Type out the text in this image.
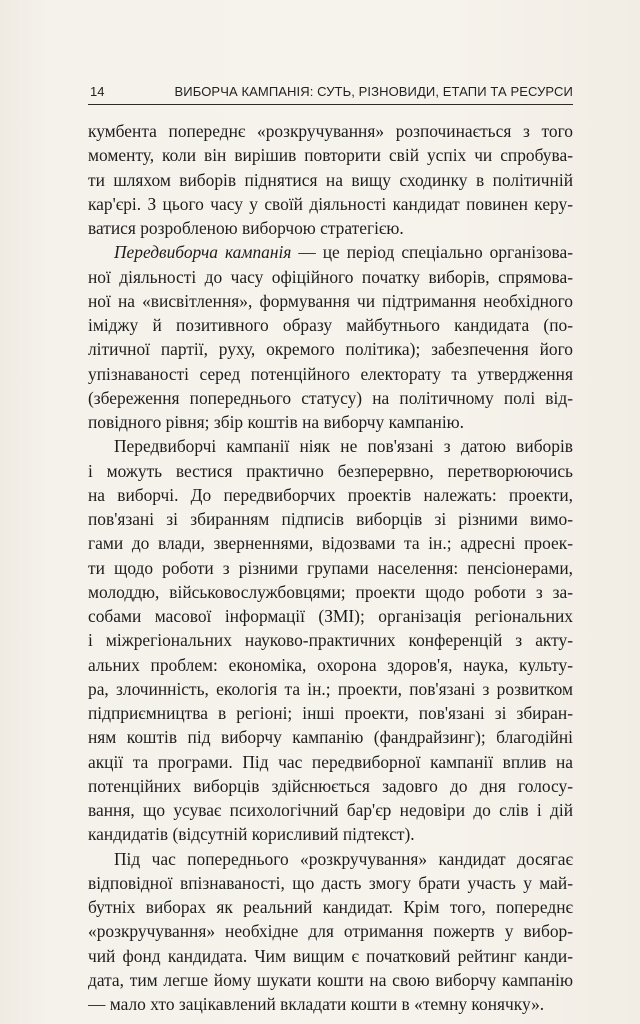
14	ВИБОРЧА КАМПАНІЯ: СУТЬ, РІЗНОВИДИ, ЕТАПИ ТА РЕСУРСИ
кумбента попереднє «розкручування» розпочинається з того
моменту, коли він вирішив повторити свій успіх чи спробува-
ти шляхом виборів піднятися на вищу сходинку в політичній
кар'єрі. З цього часу у своїй діяльності кандидат повинен керу-
ватися розробленою виборчою стратегією.
Передвиборча кампанія — це період спеціально організова-
ної діяльності до часу офіційного початку виборів, спрямова-
ної на «висвітлення», формування чи підтримання необхідного
іміджу й позитивного образу майбутнього кандидата (по-
літичної партії, руху, окремого політика); забезпечення його
упізнаваності серед потенційного електорату та утвердження
(збереження попереднього статусу) на політичному полі від-
повідного рівня; збір коштів на виборчу кампанію.
Передвиборчі кампанії ніяк не пов'язані з датою виборів
і можуть вестися практично безперервно, перетворюючись
на виборчі. До передвиборчих проектів належать: проекти,
пов'язані зі збиранням підписів виборців зі різними вимо-
гами до влади, зверненнями, відозвами та ін.; адресні проек-
ти щодо роботи з різними групами населення: пенсіонерами,
молоддю, військовослужбовцями; проекти щодо роботи з за-
собами масової інформації (ЗМІ); організація регіональних
і міжрегіональних науково-практичних конференцій з акту-
альних проблем: економіка, охорона здоров'я, наука, культу-
ра, злочинність, екологія та ін.; проекти, пов'язані з розвитком
підприємництва в регіоні; інші проекти, пов'язані зі збиран-
ням коштів під виборчу кампанію (фандрайзинг); благодійні
акції та програми. Під час передвиборної кампанії вплив на
потенційних виборців здійснюється задовго до дня голосу-
вання, що усуває психологічний бар'єр недовіри до слів і дій
кандидатів (відсутній корисливий підтекст).
Під час попереднього «розкручування» кандидат досягає
відповідної впізнаваності, що дасть змогу брати участь у май-
бутніх виборах як реальний кандидат. Крім того, попереднє
«розкручування» необхідне для отримання пожертв у вибор-
чий фонд кандидата. Чим вищим є початковий рейтинг канди-
дата, тим легше йому шукати кошти на свою виборчу кампанію
— мало хто зацікавлений вкладати кошти в «темну конячку».
